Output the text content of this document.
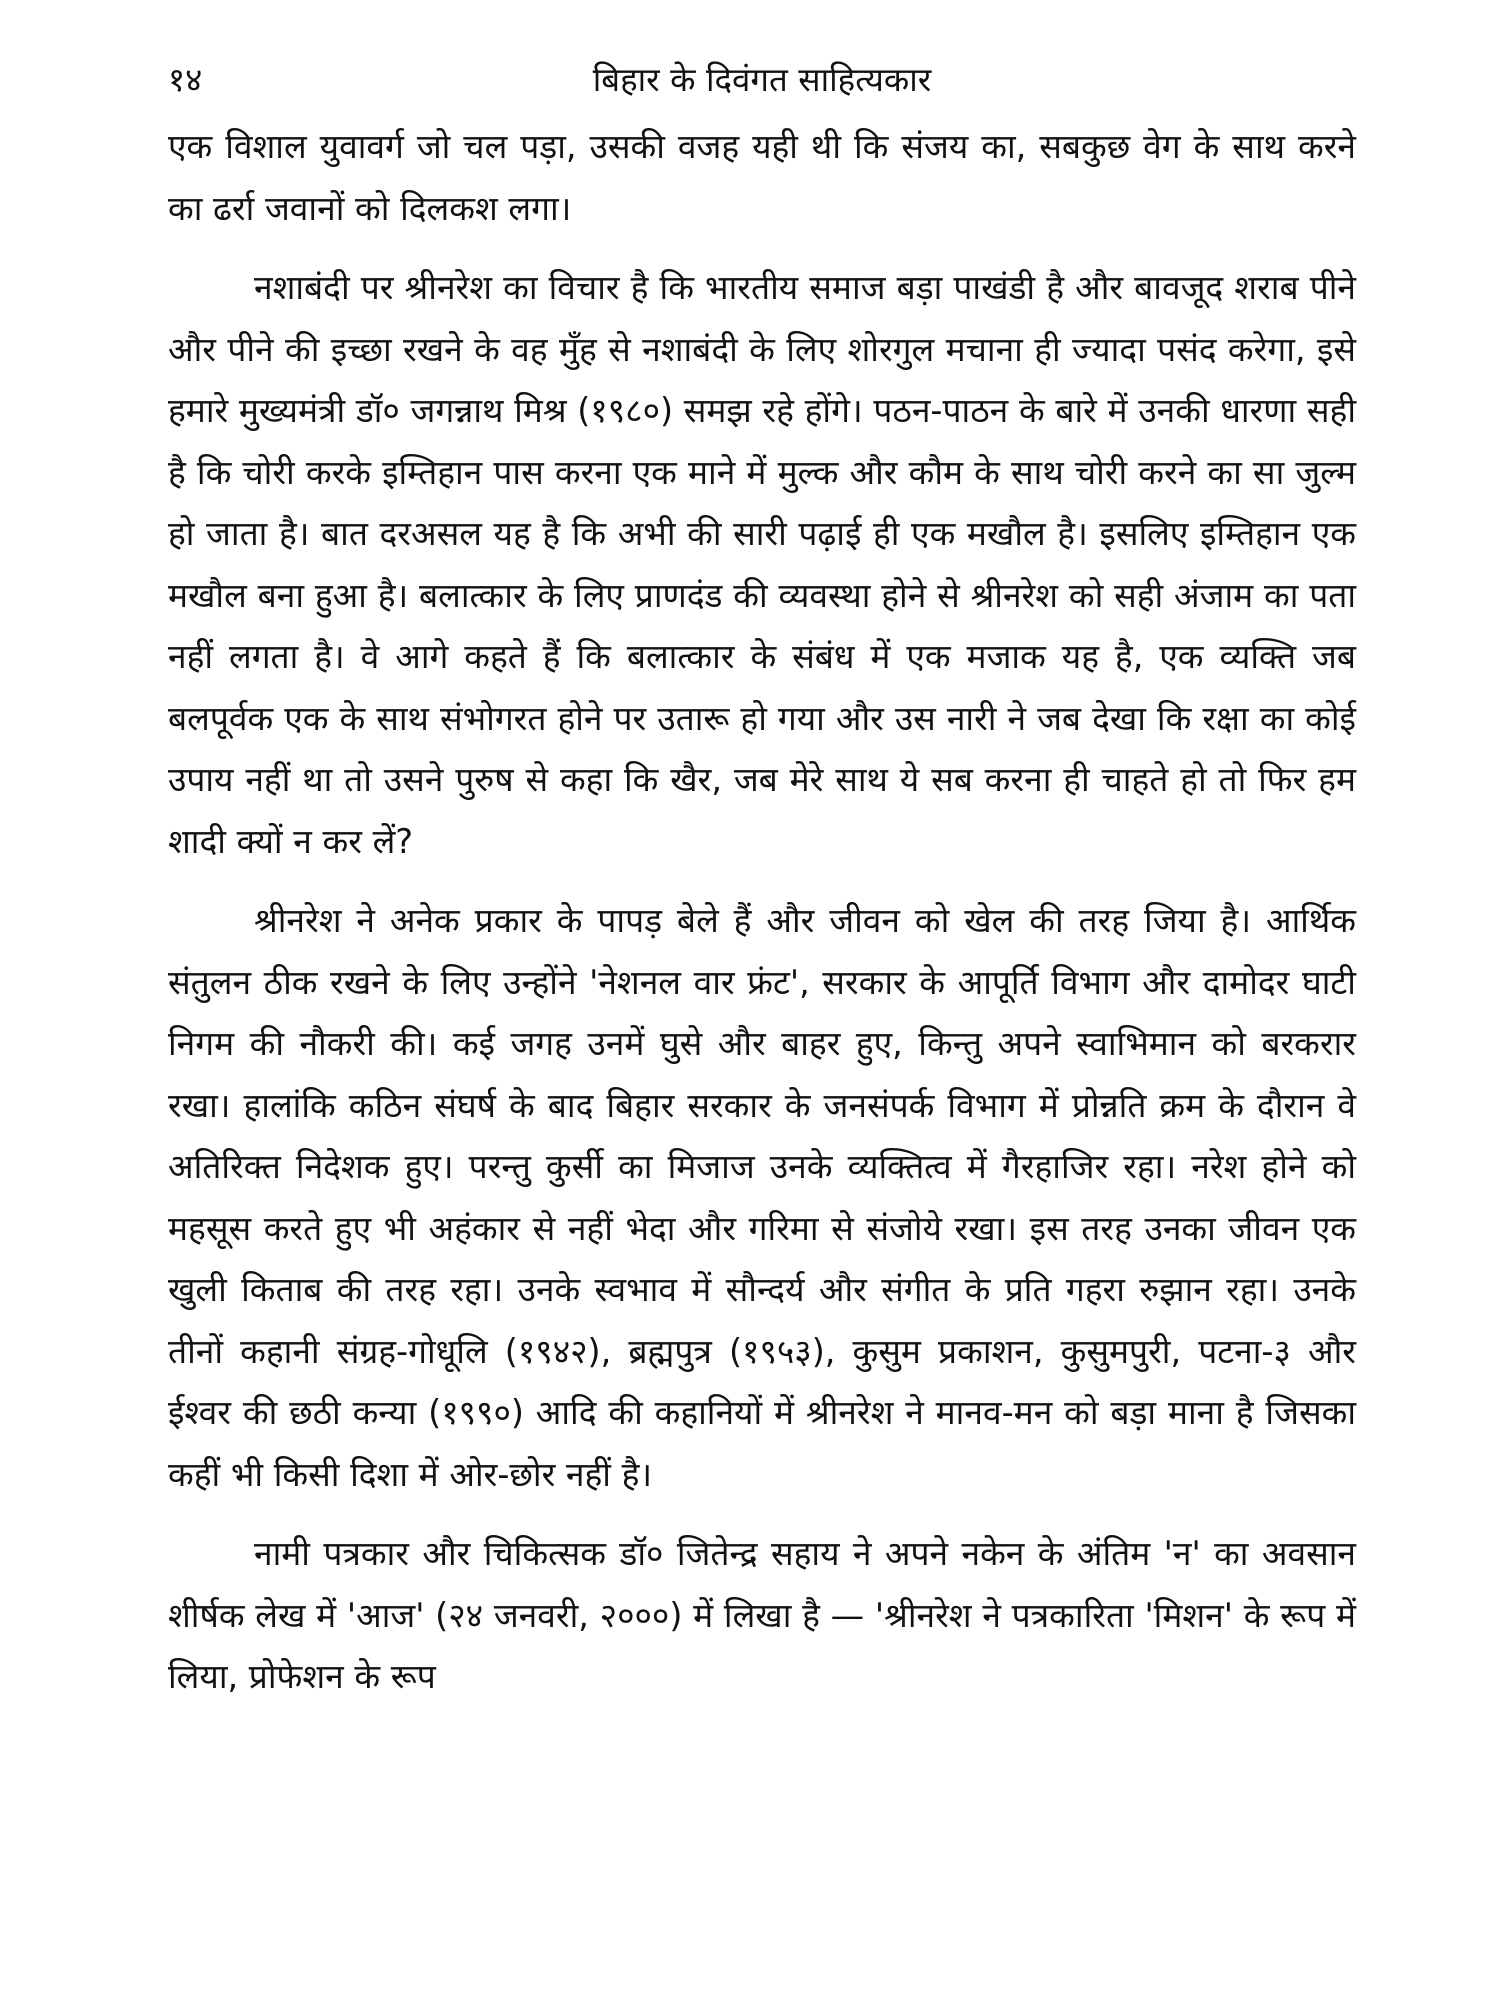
१४	बिहार के दिवंगत साहित्यकार

एक विशाल युवावर्ग जो चल पड़ा, उसकी वजह यही थी कि संजय का, सबकुछ वेग के साथ करने का ढर्रा जवानों को दिलकश लगा।

नशाबंदी पर श्रीनरेश का विचार है कि भारतीय समाज बड़ा पाखंडी है और बावजूद शराब पीने और पीने की इच्छा रखने के वह मुँह से नशाबंदी के लिए शोरगुल मचाना ही ज्यादा पसंद करेगा, इसे हमारे मुख्यमंत्री डॉ० जगन्नाथ मिश्र (१९८०) समझ रहे होंगे। पठन-पाठन के बारे में उनकी धारणा सही है कि चोरी करके इम्तिहान पास करना एक माने में मुल्क और कौम के साथ चोरी करने का सा जुल्म हो जाता है। बात दरअसल यह है कि अभी की सारी पढ़ाई ही एक मखौल है। इसलिए इम्तिहान एक मखौल बना हुआ है। बलात्कार के लिए प्राणदंड की व्यवस्था होने से श्रीनरेश को सही अंजाम का पता नहीं लगता है। वे आगे कहते हैं कि बलात्कार के संबंध में एक मजाक यह है, एक व्यक्ति जब बलपूर्वक एक के साथ संभोगरत होने पर उतारू हो गया और उस नारी ने जब देखा कि रक्षा का कोई उपाय नहीं था तो उसने पुरुष से कहा कि खैर, जब मेरे साथ ये सब करना ही चाहते हो तो फिर हम शादी क्यों न कर लें?

श्रीनरेश ने अनेक प्रकार के पापड़ बेले हैं और जीवन को खेल की तरह जिया है। आर्थिक संतुलन ठीक रखने के लिए उन्होंने 'नेशनल वार फ्रंट', सरकार के आपूर्ति विभाग और दामोदर घाटी निगम की नौकरी की। कई जगह उनमें घुसे और बाहर हुए, किन्तु अपने स्वाभिमान को बरकरार रखा। हालांकि कठिन संघर्ष के बाद बिहार सरकार के जनसंपर्क विभाग में प्रोन्नति क्रम के दौरान वे अतिरिक्त निदेशक हुए। परन्तु कुर्सी का मिजाज उनके व्यक्तित्व में गैरहाजिर रहा। नरेश होने को महसूस करते हुए भी अहंकार से नहीं भेदा और गरिमा से संजोये रखा। इस तरह उनका जीवन एक खुली किताब की तरह रहा। उनके स्वभाव में सौन्दर्य और संगीत के प्रति गहरा रुझान रहा। उनके तीनों कहानी संग्रह-गोधूलि (१९४२), ब्रह्मपुत्र (१९५३), कुसुम प्रकाशन, कुसुमपुरी, पटना-३ और ईश्वर की छठी कन्या (१९९०) आदि की कहानियों में श्रीनरेश ने मानव-मन को बड़ा माना है जिसका कहीं भी किसी दिशा में ओर-छोर नहीं है।

नामी पत्रकार और चिकित्सक डॉ० जितेन्द्र सहाय ने अपने नकेन के अंतिम 'न' का अवसान शीर्षक लेख में 'आज' (२४ जनवरी, २०००) में लिखा है — 'श्रीनरेश ने पत्रकारिता 'मिशन' के रूप में लिया, प्रोफेशन के रूप
